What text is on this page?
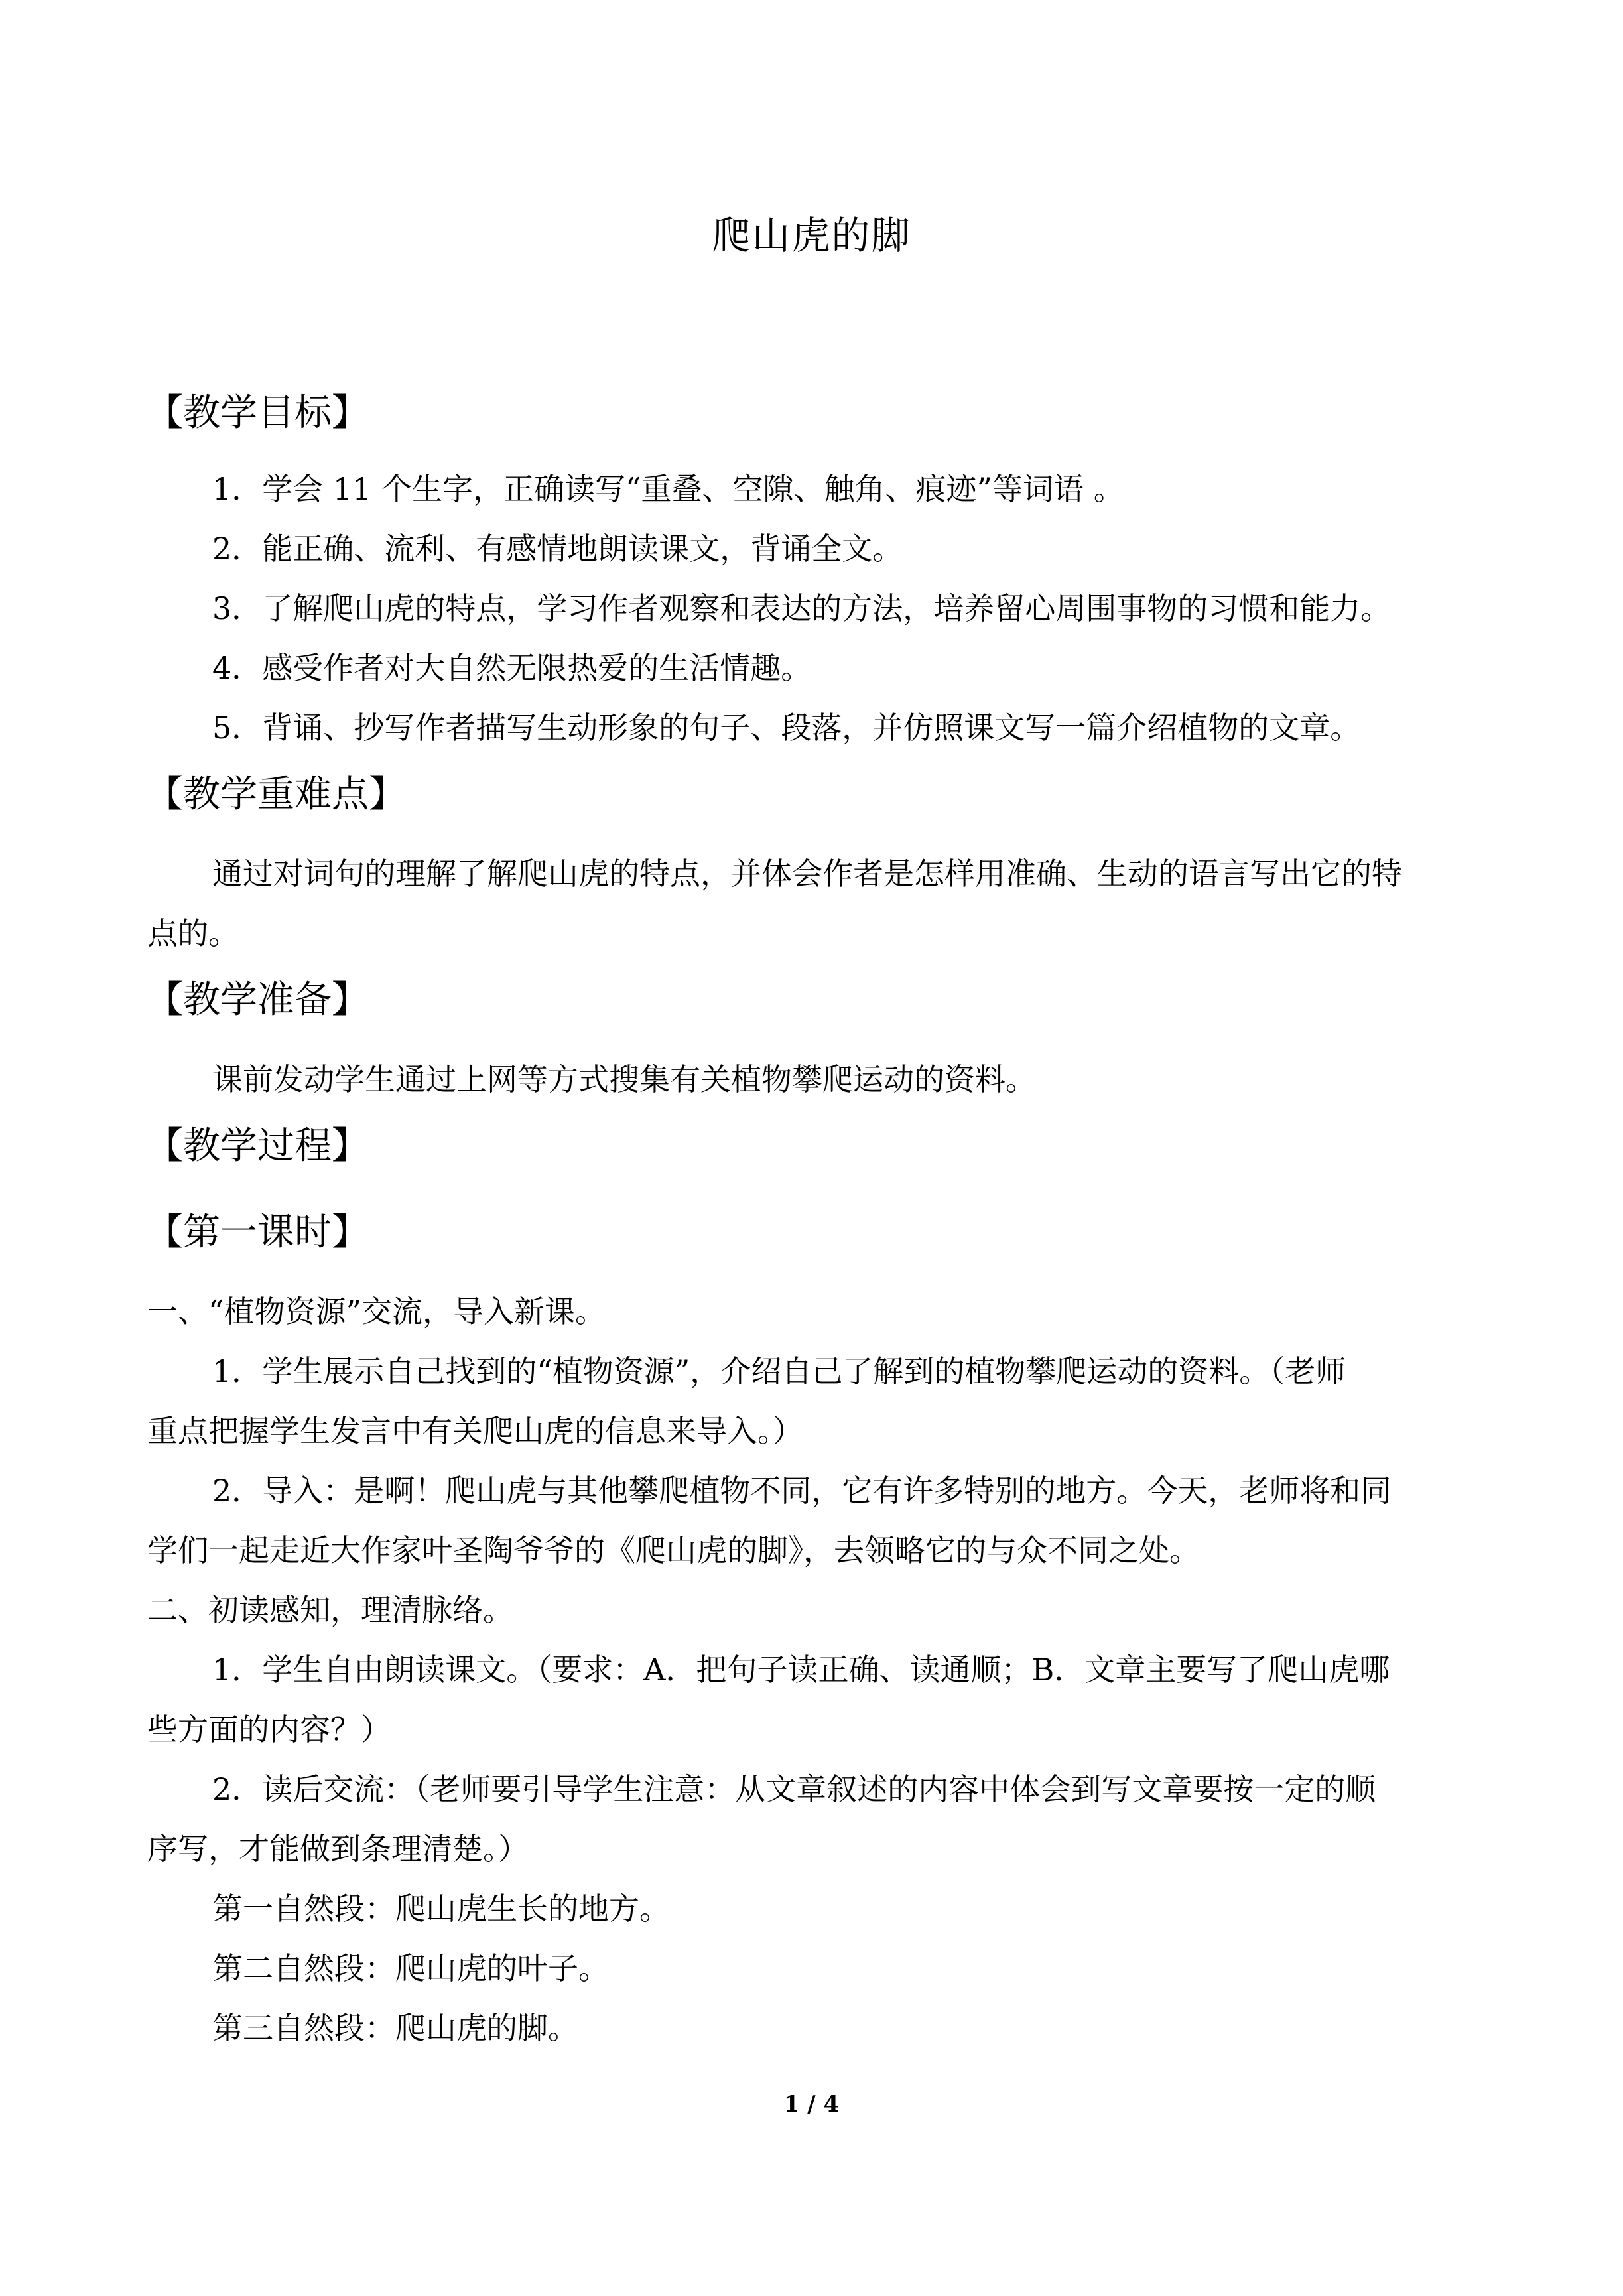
爬山虎的脚
【教学目标】
1．学会 11 个生字，正确读写“重叠、空隙、触角、痕迹”等词语 。
2．能正确、流利、有感情地朗读课文，背诵全文。
3．了解爬山虎的特点，学习作者观察和表达的方法，培养留心周围事物的习惯和能力。
4．感受作者对大自然无限热爱的生活情趣。
5．背诵、抄写作者描写生动形象的句子、段落，并仿照课文写一篇介绍植物的文章。
【教学重难点】
通过对词句的理解了解爬山虎的特点，并体会作者是怎样用准确、生动的语言写出它的特
点的。
【教学准备】
课前发动学生通过上网等方式搜集有关植物攀爬运动的资料。
【教学过程】
【第一课时】
一、“植物资源”交流，导入新课。
1．学生展示自己找到的“植物资源”，介绍自己了解到的植物攀爬运动的资料。（老师
重点把握学生发言中有关爬山虎的信息来导入。）
2．导入：是啊！爬山虎与其他攀爬植物不同，它有许多特别的地方。今天，老师将和同
学们一起走近大作家叶圣陶爷爷的《爬山虎的脚》，去领略它的与众不同之处。
二、初读感知，理清脉络。
1．学生自由朗读课文。（要求：A．把句子读正确、读通顺；B．文章主要写了爬山虎哪
些方面的内容？）
2．读后交流：（老师要引导学生注意：从文章叙述的内容中体会到写文章要按一定的顺
序写，才能做到条理清楚。）
第一自然段：爬山虎生长的地方。
第二自然段：爬山虎的叶子。
第三自然段：爬山虎的脚。
1 / 4
